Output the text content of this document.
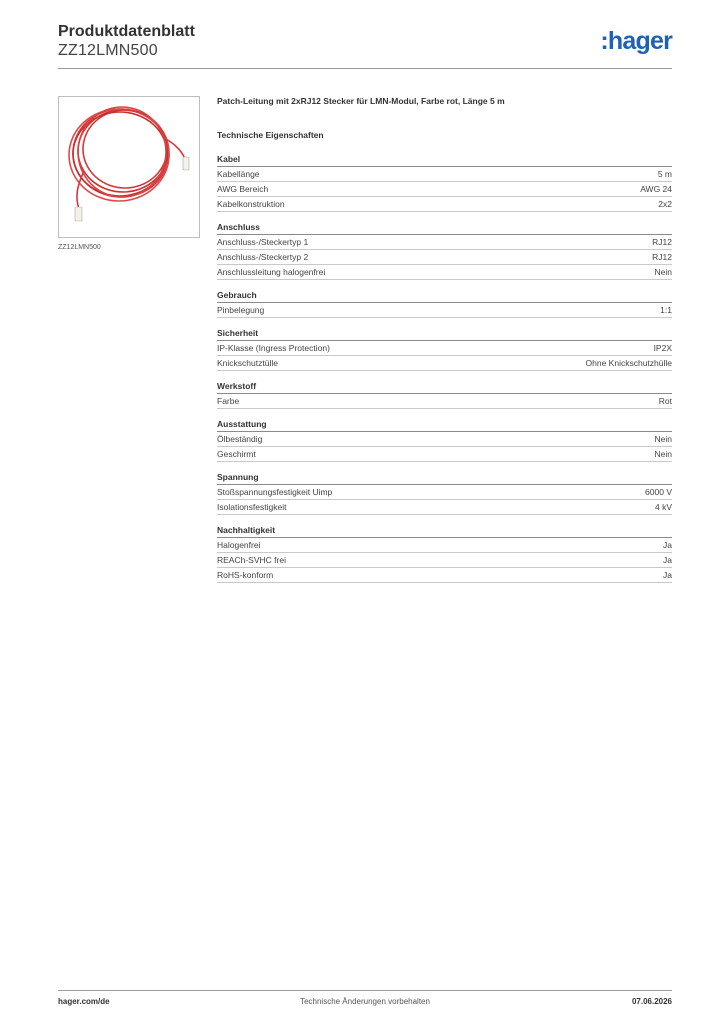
Produktdatenblatt
ZZ12LMN500	:hager
ZZ12LMN500
Patch-Leitung mit 2xRJ12 Stecker für LMN-Modul, Farbe rot, Länge 5 m
Technische Eigenschaften
Kabel
Kabellänge	5 m
AWG Bereich	AWG 24
Kabelkonstruktion	2x2
Anschluss
Anschluss-/Steckertyp 1	RJ12
Anschluss-/Steckertyp 2	RJ12
Anschlussleitung halogenfrei	Nein
Gebrauch
Pinbelegung	1:1
Sicherheit
IP-Klasse (Ingress Protection)	IP2X
Knickschutztülle	Ohne Knickschutzhülle
Werkstoff
Farbe	Rot
Ausstattung
Ölbeständig	Nein
Geschirmt	Nein
Spannung
Stoßspannungsfestigkeit Uimp	6000 V
Isolationsfestigkeit	4 kV
Nachhaltigkeit
Halogenfrei	Ja
REACh-SVHC frei	Ja
RoHS-konform	Ja
hager.com/de	Technische Änderungen vorbehalten	07.06.2026
